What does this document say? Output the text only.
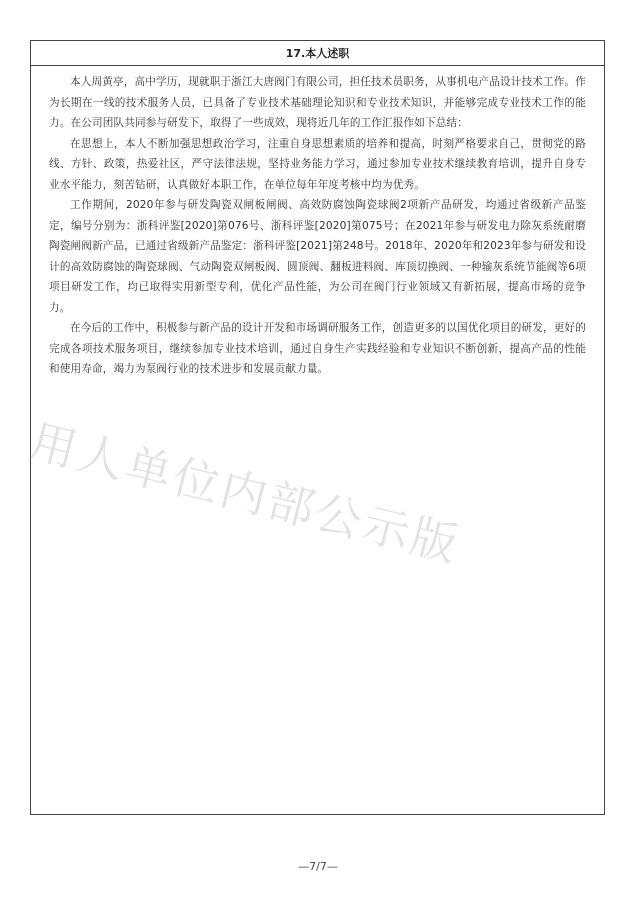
17.本人述职

本人周黄亭，高中学历，现就职于浙江大唐阀门有限公司，担任技术员职务，从事机电产品设计技术工作。作为长期在一线的技术服务人员，已具备了专业技术基础理论知识和专业技术知识，并能够完成专业技术工作的能力。在公司团队共同参与研发下，取得了一些成效，现将近几年的工作汇报作如下总结：

在思想上，本人不断加强思想政治学习，注重自身思想素质的培养和提高，时刻严格要求自己，贯彻党的路线、方针、政策，热爱社区，严守法律法规，坚持业务能力学习，通过参加专业技术继续教育培训，提升自身专业水平能力，刻苦钻研，认真做好本职工作，在单位每年年度考核中均为优秀。

工作期间，2020年参与研发陶瓷双闸板闸阀、高效防腐蚀陶瓷球阀2项新产品研发，均通过省级新产品鉴定，编号分别为：浙科评鉴[2020]第076号、浙科评鉴[2020]第075号；在2021年参与研发电力除灰系统耐磨陶瓷闸阀新产品，已通过省级新产品鉴定：浙科评鉴[2021]第248号。2018年、2020年和2023年参与研发和设计的高效防腐蚀的陶瓷球阀、气动陶瓷双闸板阀、圆顶阀、翻板进料阀、库顶切换阀、一种输灰系统节能阀等6项项目研发工作，均已取得实用新型专利，优化产品性能，为公司在阀门行业领域又有新拓展，提高市场的竞争力。

在今后的工作中，积极参与新产品的设计开发和市场调研服务工作，创造更多的以国优化项目的研发，更好的完成各项技术服务项目，继续参加专业技术培训，通过自身生产实践经验和专业知识不断创新，提高产品的性能和使用寿命，竭力为泵阀行业的技术进步和发展贡献力量。

用人单位内部公示版
—7/7—
